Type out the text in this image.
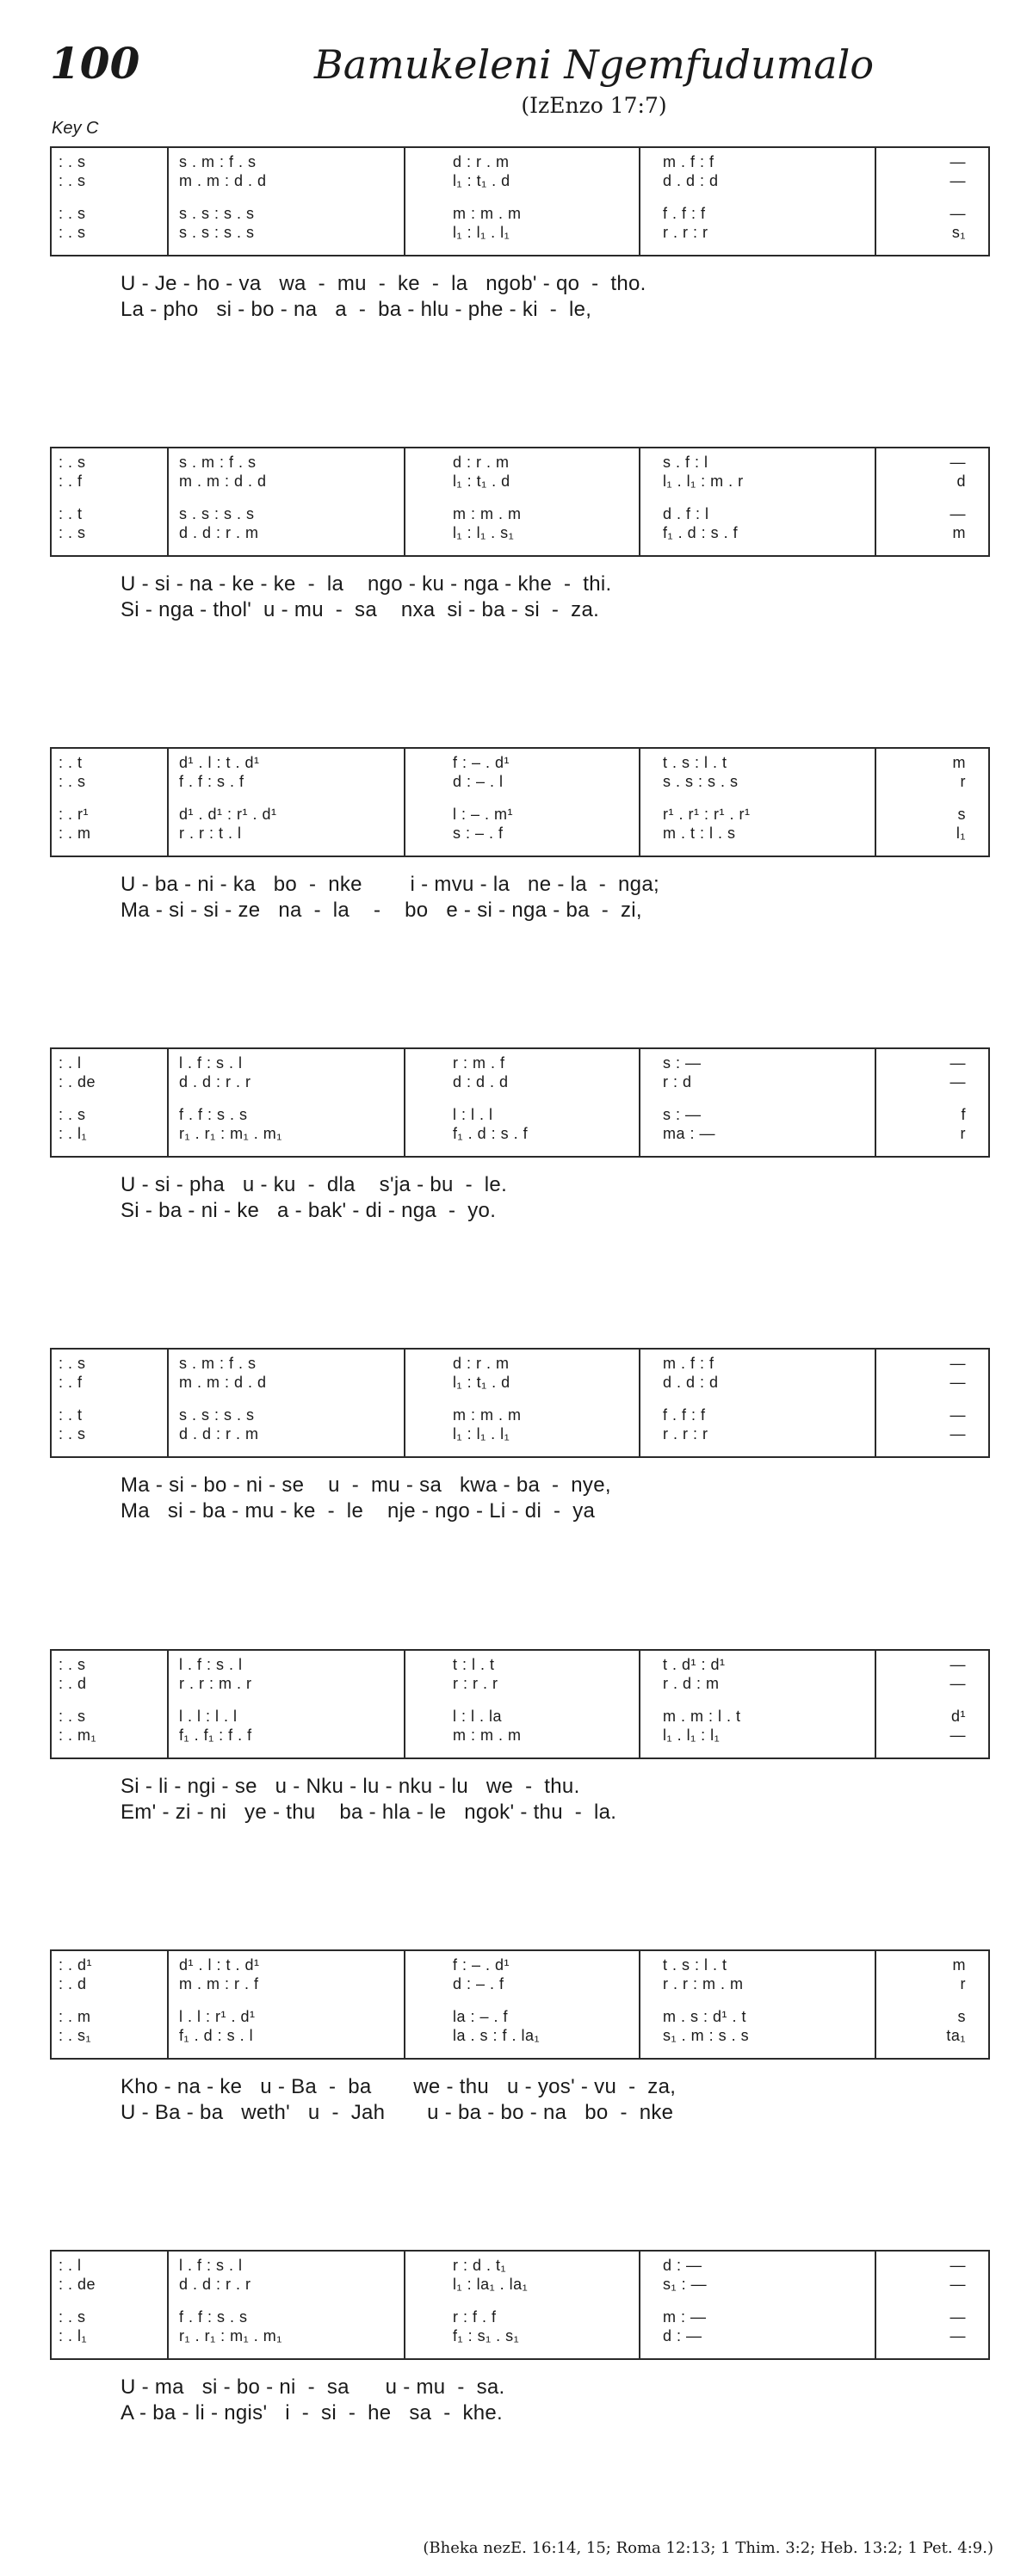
100	Bamukeleni Ngemfudumalo
(IzEnzo 17:7)
Key C
: . s	s . m : f . s	d : r . m	m . f : f	—
: . s	m . m : d . d	l₁ : t₁ . d	d . d : d	—
: . s	s . s : s . s	m : m . m	f . f : f	—
: . s	s . s : s . s	l₁ : l₁ . l₁	r . r : r	s₁
U - Je - ho - va   wa  -  mu  -  ke  -  la   ngob' - qo  -  tho.
La - pho   si - bo - na   a  -  ba - hlu - phe - ki  -  le,
: . s	s . m : f . s	d : r . m	s . f : l	—
: . f	m . m : d . d	l₁ : t₁ . d	l₁ . l₁ : m . r	d
: . t	s . s : s . s	m : m . m	d . f : l	—
: . s	d . d : r . m	l₁ : l₁ . s₁	f₁ . d : s . f	m
U - si - na - ke - ke  -  la    ngo - ku - nga - khe  -  thi.
Si - nga - thol'  u - mu  -  sa    nxa  si - ba - si  -  za.
: . t	d¹ . l : t . d¹	f : – . d¹	t . s : l . t	m
: . s	f . f : s . f	d : – . l	s . s : s . s	r
: . r¹	d¹ . d¹ : r¹ . d¹	l : – . m¹	r¹ . r¹ : r¹ . r¹	s
: . m	r . r : t . l	s : – . f	m . t : l . s	l₁
U - ba - ni - ka   bo  -  nke        i - mvu - la   ne - la  -  nga;
Ma - si - si - ze   na  -  la    -    bo   e - si - nga - ba  -  zi,
: . l	l . f : s . l	r : m . f	s : —	—
: . de	d . d : r . r	d : d . d	r : d	—
: . s	f . f : s . s	l : l . l	s : —	f
: . l₁	r₁ . r₁ : m₁ . m₁	f₁ . d : s . f	ma : —	r
U - si - pha   u - ku  -  dla    s'ja - bu  -  le.
Si - ba - ni - ke   a - bak' - di - nga  -  yo.
: . s	s . m : f . s	d : r . m	m . f : f	—
: . f	m . m : d . d	l₁ : t₁ . d	d . d : d	—
: . t	s . s : s . s	m : m . m	f . f : f	—
: . s	d . d : r . m	l₁ : l₁ . l₁	r . r : r	—
Ma - si - bo - ni - se    u  -  mu - sa   kwa - ba  -  nye,
Ma   si - ba - mu - ke  -  le    nje - ngo - Li - di  -  ya
: . s	l . f : s . l	t : l . t	t . d¹ : d¹	—
: . d	r . r : m . r	r : r . r	r . d : m	—
: . s	l . l : l . l	l : l . la	m . m : l . t	d¹
: . m₁	f₁ . f₁ : f . f	m : m . m	l₁ . l₁ : l₁	—
Si - li - ngi - se   u - Nku - lu - nku - lu   we  -  thu.
Em' - zi - ni   ye - thu    ba - hla - le   ngok' - thu  -  la.
: . d¹	d¹ . l : t . d¹	f : – . d¹	t . s : l . t	m
: . d	m . m : r . f	d : – . f	r . r : m . m	r
: . m	l . l : r¹ . d¹	la : – . f	m . s : d¹ . t	s
: . s₁	f₁ . d : s . l	la . s : f . la₁	s₁ . m : s . s	ta₁
Kho - na - ke   u - Ba  -  ba       we - thu   u - yos' - vu  -  za,
U - Ba - ba   weth'   u  -  Jah       u - ba - bo - na   bo  -  nke
: . l	l . f : s . l	r : d . t₁	d : —	—
: . de	d . d : r . r	l₁ : la₁ . la₁	s₁ : —	—
: . s	f . f : s . s	r : f . f	m : —	—
: . l₁	r₁ . r₁ : m₁ . m₁	f₁ : s₁ . s₁	d : —	—
U - ma   si - bo - ni  -  sa      u - mu  -  sa.
A - ba - li - ngis'   i  -  si  -  he   sa  -  khe.
(Bheka nezE. 16:14, 15; Roma 12:13; 1 Thim. 3:2; Heb. 13:2; 1 Pet. 4:9.)
